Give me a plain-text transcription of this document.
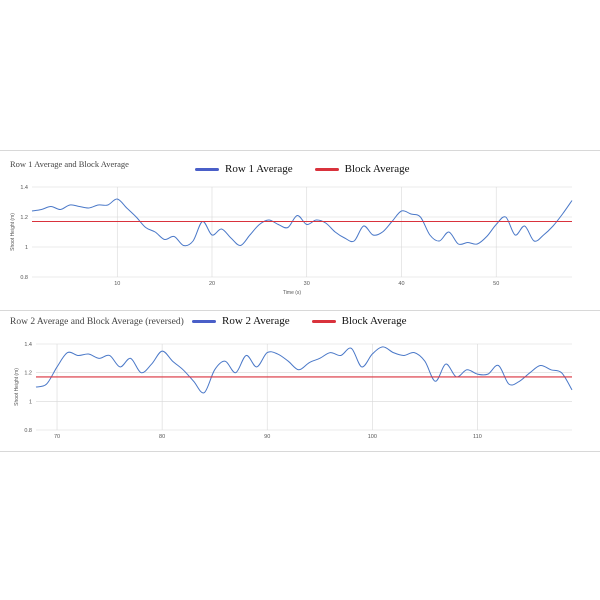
Row 1 Average and Block Average	Row 1 Average	Block Average
0.8
1
1.2
1.4
10	20	30	40	50
Shoot Height (m)
Time (s)
Row 2 Average and Block Average (reversed)	Row 2 Average	Block Average
0.8
1
1.2
1.4
70	80	90	100	110
Shoot Height (m)
